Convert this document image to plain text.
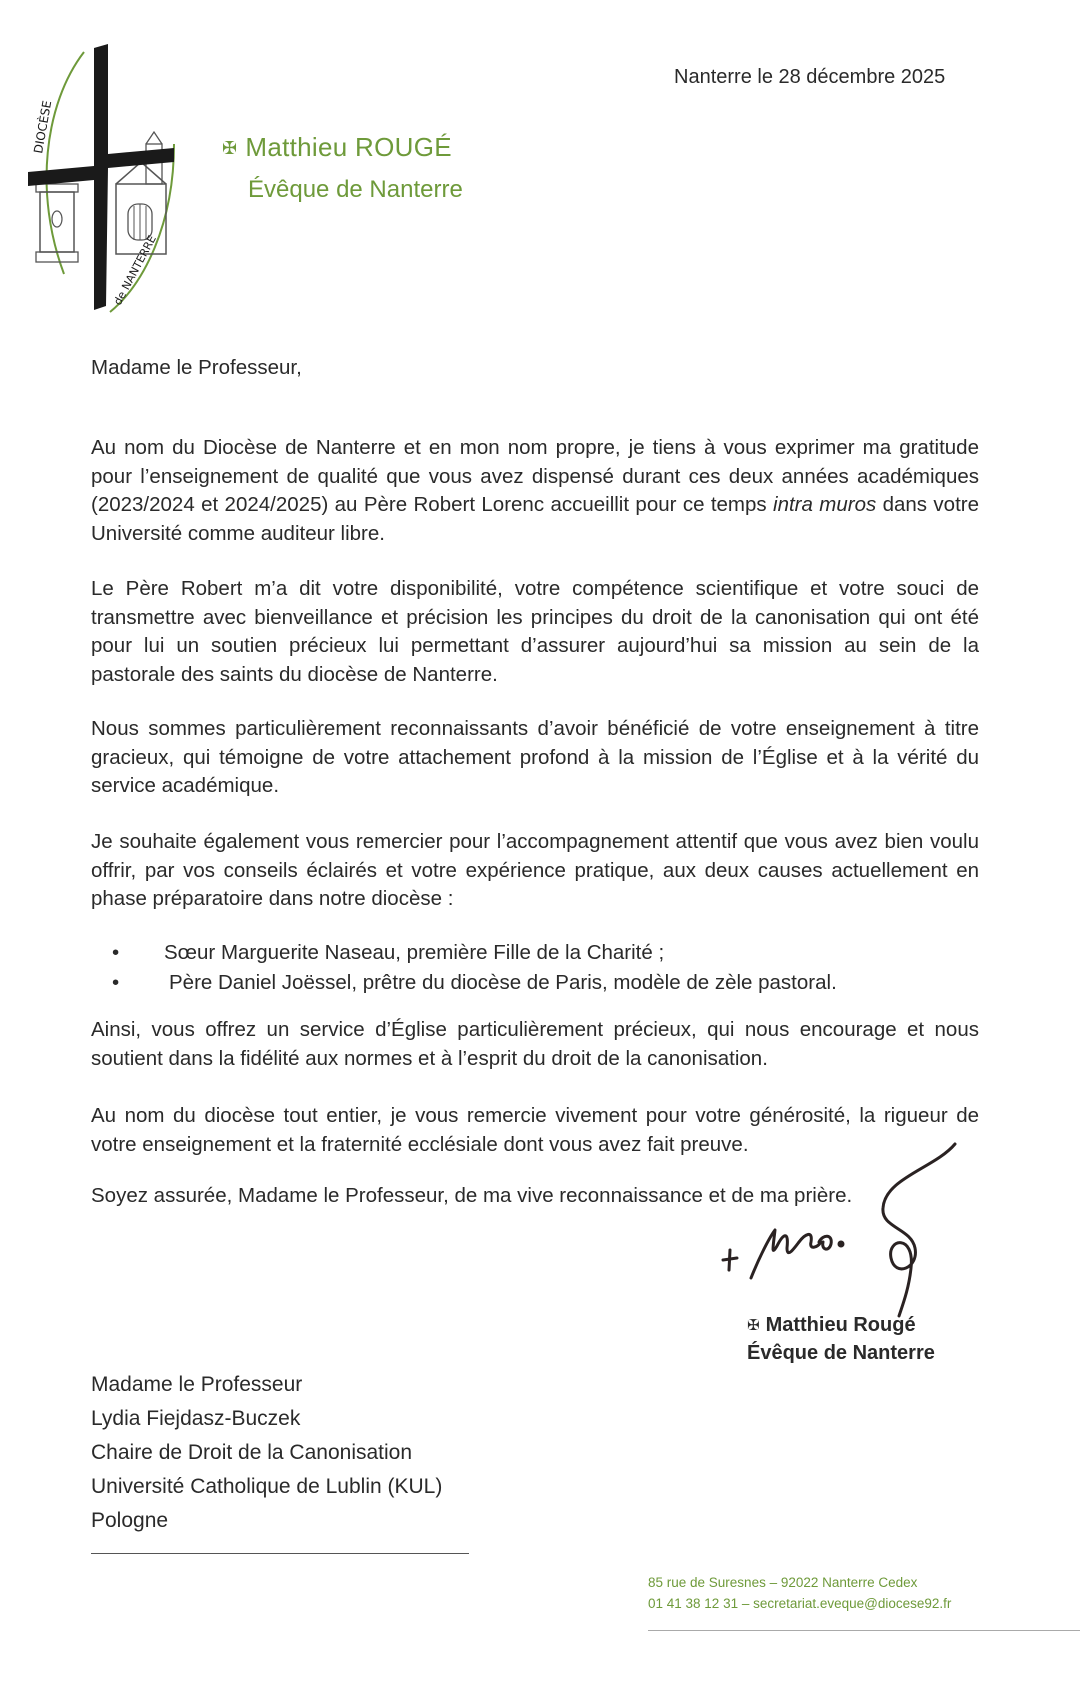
DIOCÈSE
de NANTERRE
Nanterre le 28 décembre 2025
✠ Matthieu ROUGÉ
Évêque de Nanterre
Madame le Professeur,

Au nom du Diocèse de Nanterre et en mon nom propre, je tiens à vous exprimer ma gratitude pour l’enseignement de qualité que vous avez dispensé durant ces deux années académiques (2023/2024 et 2024/2025) au Père Robert Lorenc accueillit pour ce temps intra muros dans votre Université comme auditeur libre.

Le Père Robert m’a dit votre disponibilité, votre compétence scientifique et votre souci de transmettre avec bienveillance et précision les principes du droit de la canonisation qui ont été pour lui un soutien précieux lui permettant d’assurer aujourd’hui sa mission au sein de la pastorale des saints du diocèse de Nanterre.

Nous sommes particulièrement reconnaissants d’avoir bénéficié de votre enseignement à titre gracieux, qui témoigne de votre attachement profond à la mission de l’Église et à la vérité du service académique.

Je souhaite également vous remercier pour l’accompagnement attentif que vous avez bien voulu offrir, par vos conseils éclairés et votre expérience pratique, aux deux causes actuellement en phase préparatoire dans notre diocèse :

• Sœur Marguerite Naseau, première Fille de la Charité ;
• Père Daniel Joëssel, prêtre du diocèse de Paris, modèle de zèle pastoral.

Ainsi, vous offrez un service d’Église particulièrement précieux, qui nous encourage et nous soutient dans la fidélité aux normes et à l’esprit du droit de la canonisation.

Au nom du diocèse tout entier, je vous remercie vivement pour votre générosité, la rigueur de votre enseignement et la fraternité ecclésiale dont vous avez fait preuve.

Soyez assurée, Madame le Professeur, de ma vive reconnaissance et de ma prière.
✠ Matthieu Rougé
Évêque de Nanterre
Madame le Professeur
Lydia Fiejdasz-Buczek
Chaire de Droit de la Canonisation
Université Catholique de Lublin (KUL)
Pologne
85 rue de Suresnes – 92022 Nanterre Cedex
01 41 38 12 31 – secretariat.eveque@diocese92.fr
